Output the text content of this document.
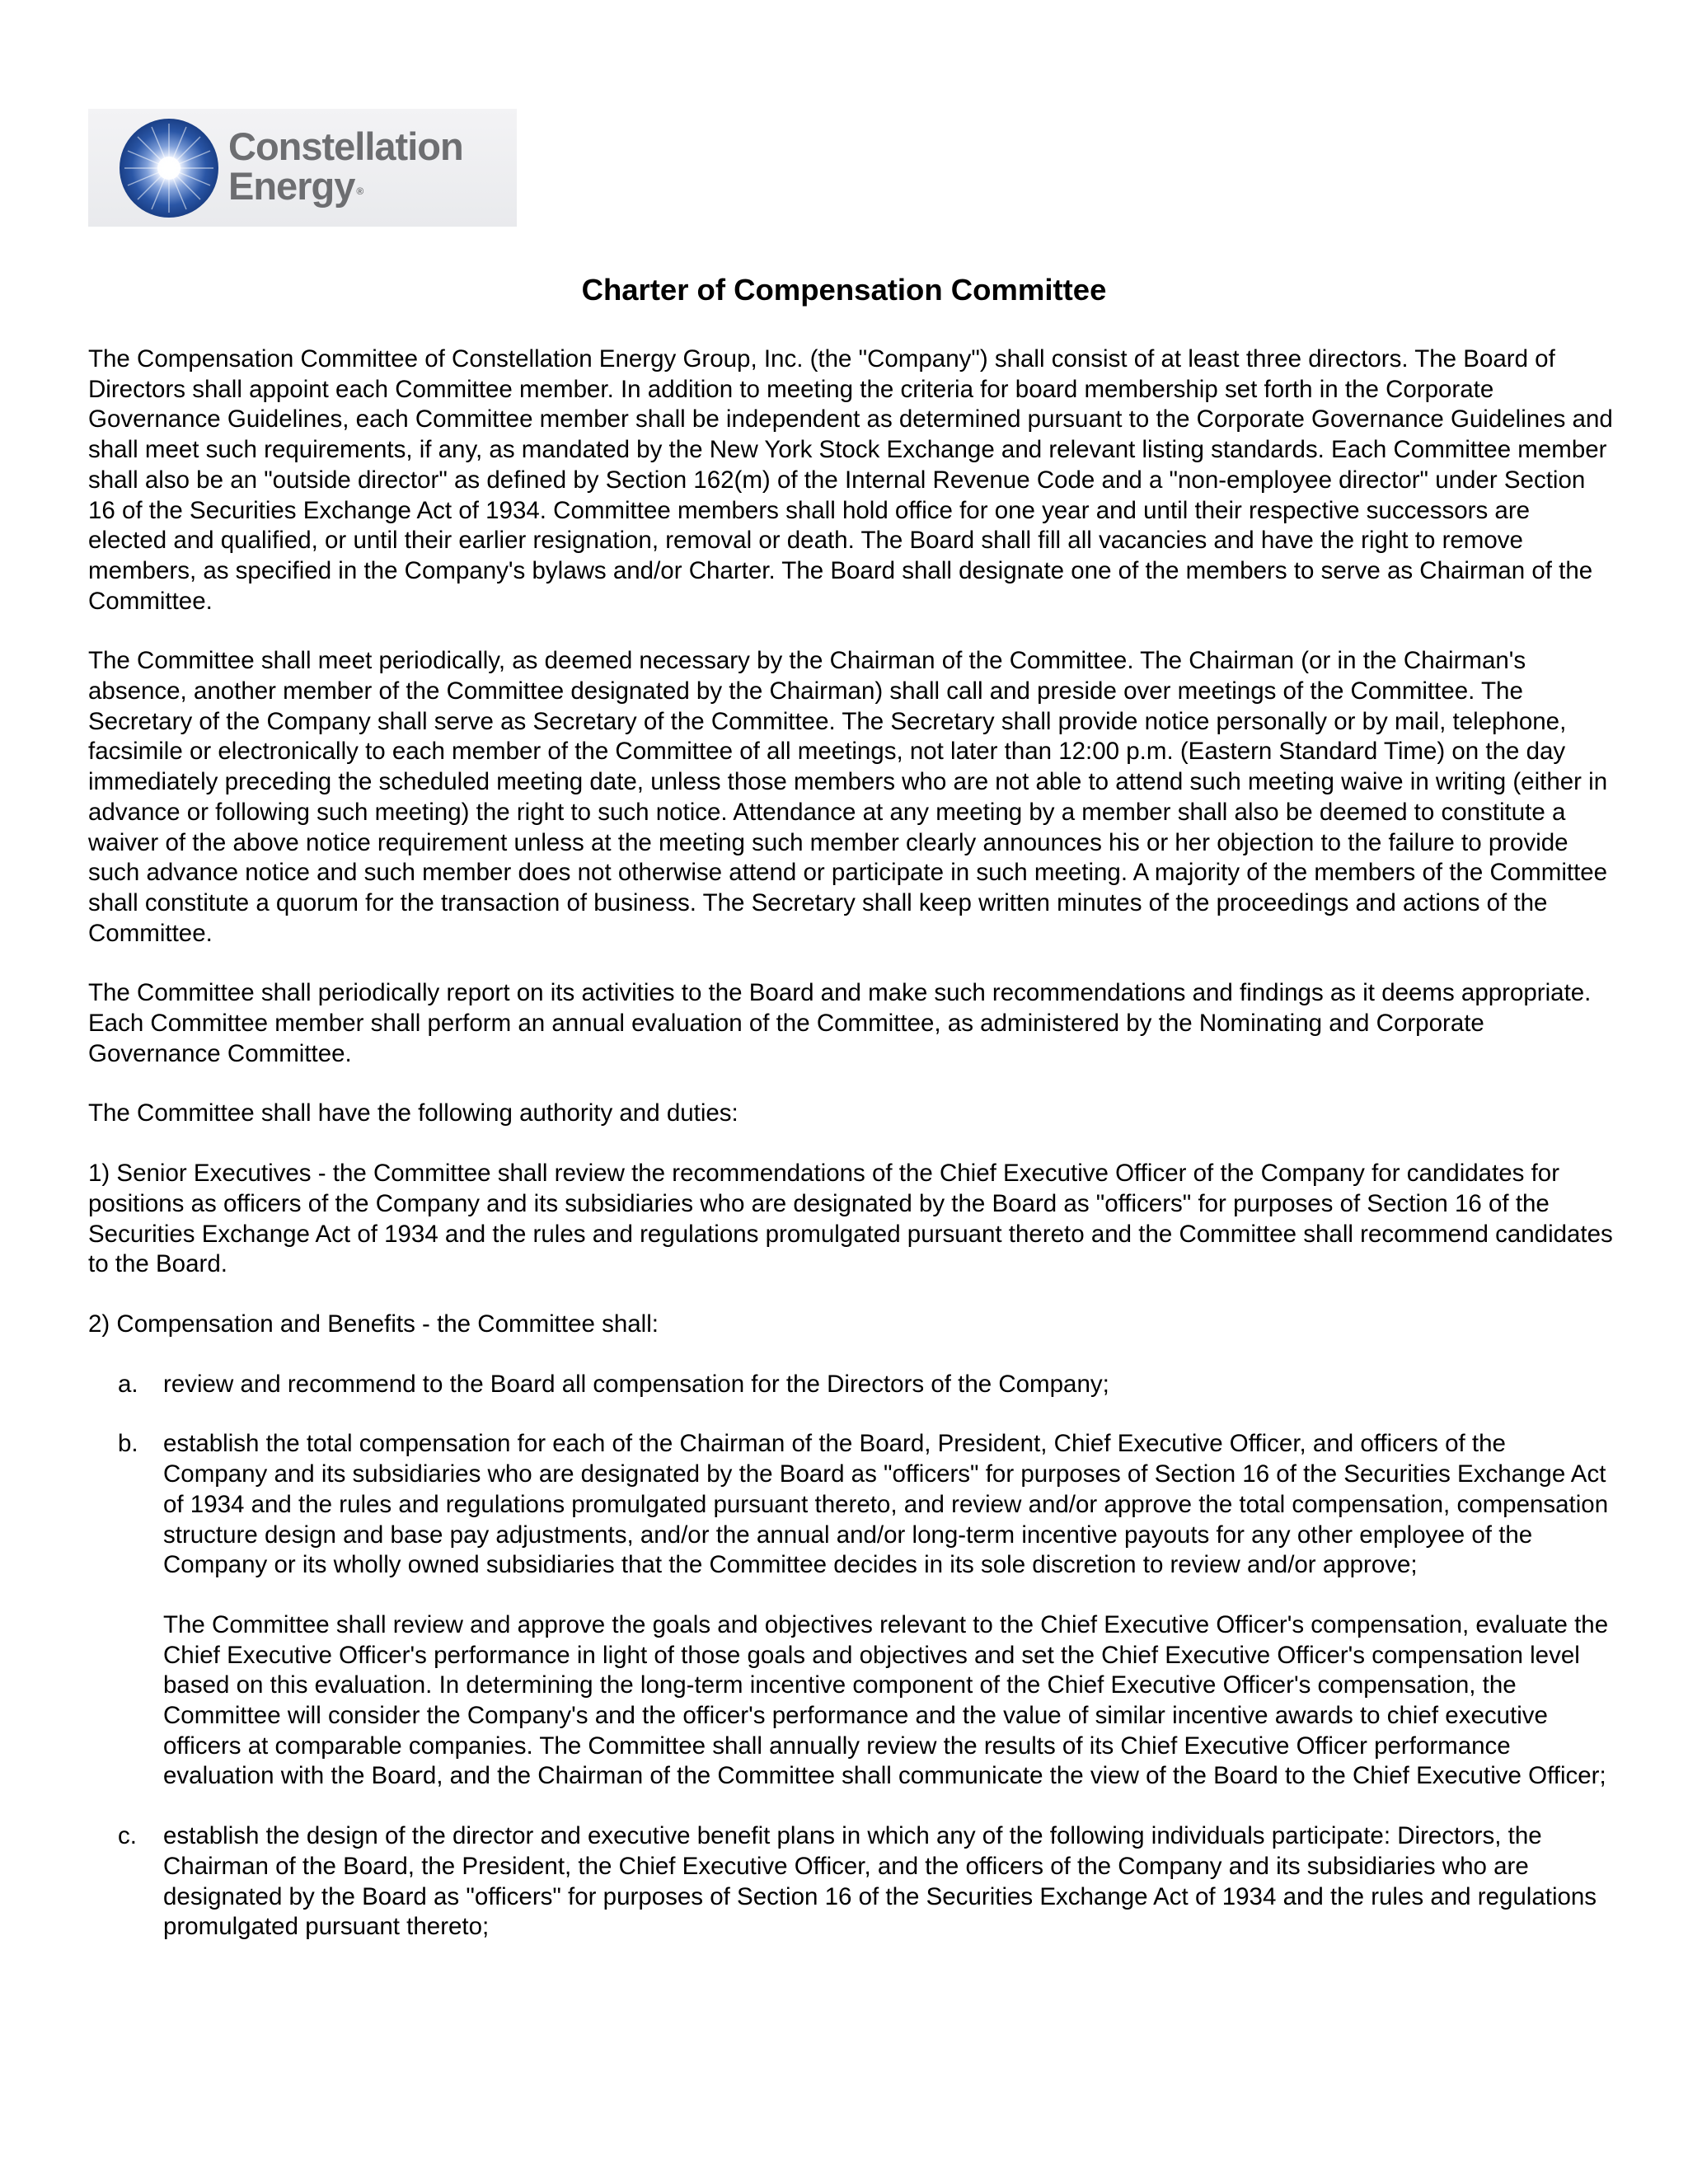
Constellation
Energy ®
Charter of Compensation Committee

The Compensation Committee of Constellation Energy Group, Inc. (the "Company") shall consist of at least three directors. The Board of Directors shall appoint each Committee member. In addition to meeting the criteria for board membership set forth in the Corporate Governance Guidelines, each Committee member shall be independent as determined pursuant to the Corporate Governance Guidelines and shall meet such requirements, if any, as mandated by the New York Stock Exchange and relevant listing standards. Each Committee member shall also be an "outside director" as defined by Section 162(m) of the Internal Revenue Code and a "non-employee director" under Section 16 of the Securities Exchange Act of 1934. Committee members shall hold office for one year and until their respective successors are elected and qualified, or until their earlier resignation, removal or death. The Board shall fill all vacancies and have the right to remove members, as specified in the Company's bylaws and/or Charter. The Board shall designate one of the members to serve as Chairman of the Committee.

The Committee shall meet periodically, as deemed necessary by the Chairman of the Committee. The Chairman (or in the Chairman's absence, another member of the Committee designated by the Chairman) shall call and preside over meetings of the Committee. The Secretary of the Company shall serve as Secretary of the Committee. The Secretary shall provide notice personally or by mail, telephone, facsimile or electronically to each member of the Committee of all meetings, not later than 12:00 p.m. (Eastern Standard Time) on the day immediately preceding the scheduled meeting date, unless those members who are not able to attend such meeting waive in writing (either in advance or following such meeting) the right to such notice. Attendance at any meeting by a member shall also be deemed to constitute a waiver of the above notice requirement unless at the meeting such member clearly announces his or her objection to the failure to provide such advance notice and such member does not otherwise attend or participate in such meeting. A majority of the members of the Committee shall constitute a quorum for the transaction of business. The Secretary shall keep written minutes of the proceedings and actions of the Committee.

The Committee shall periodically report on its activities to the Board and make such recommendations and findings as it deems appropriate. Each Committee member shall perform an annual evaluation of the Committee, as administered by the Nominating and Corporate Governance Committee.

The Committee shall have the following authority and duties:

1) Senior Executives - the Committee shall review the recommendations of the Chief Executive Officer of the Company for candidates for positions as officers of the Company and its subsidiaries who are designated by the Board as "officers" for purposes of Section 16 of the Securities Exchange Act of 1934 and the rules and regulations promulgated pursuant thereto and the Committee shall recommend candidates to the Board.

2) Compensation and Benefits - the Committee shall:

a. review and recommend to the Board all compensation for the Directors of the Company;

b. establish the total compensation for each of the Chairman of the Board, President, Chief Executive Officer, and officers of the Company and its subsidiaries who are designated by the Board as "officers" for purposes of Section 16 of the Securities Exchange Act of 1934 and the rules and regulations promulgated pursuant thereto, and review and/or approve the total compensation, compensation structure design and base pay adjustments, and/or the annual and/or long-term incentive payouts for any other employee of the Company or its wholly owned subsidiaries that the Committee decides in its sole discretion to review and/or approve;

The Committee shall review and approve the goals and objectives relevant to the Chief Executive Officer's compensation, evaluate the Chief Executive Officer's performance in light of those goals and objectives and set the Chief Executive Officer's compensation level based on this evaluation. In determining the long-term incentive component of the Chief Executive Officer's compensation, the Committee will consider the Company's and the officer's performance and the value of similar incentive awards to chief executive officers at comparable companies. The Committee shall annually review the results of its Chief Executive Officer performance evaluation with the Board, and the Chairman of the Committee shall communicate the view of the Board to the Chief Executive Officer;

c. establish the design of the director and executive benefit plans in which any of the following individuals participate: Directors, the Chairman of the Board, the President, the Chief Executive Officer, and the officers of the Company and its subsidiaries who are designated by the Board as "officers" for purposes of Section 16 of the Securities Exchange Act of 1934 and the rules and regulations promulgated pursuant thereto;
